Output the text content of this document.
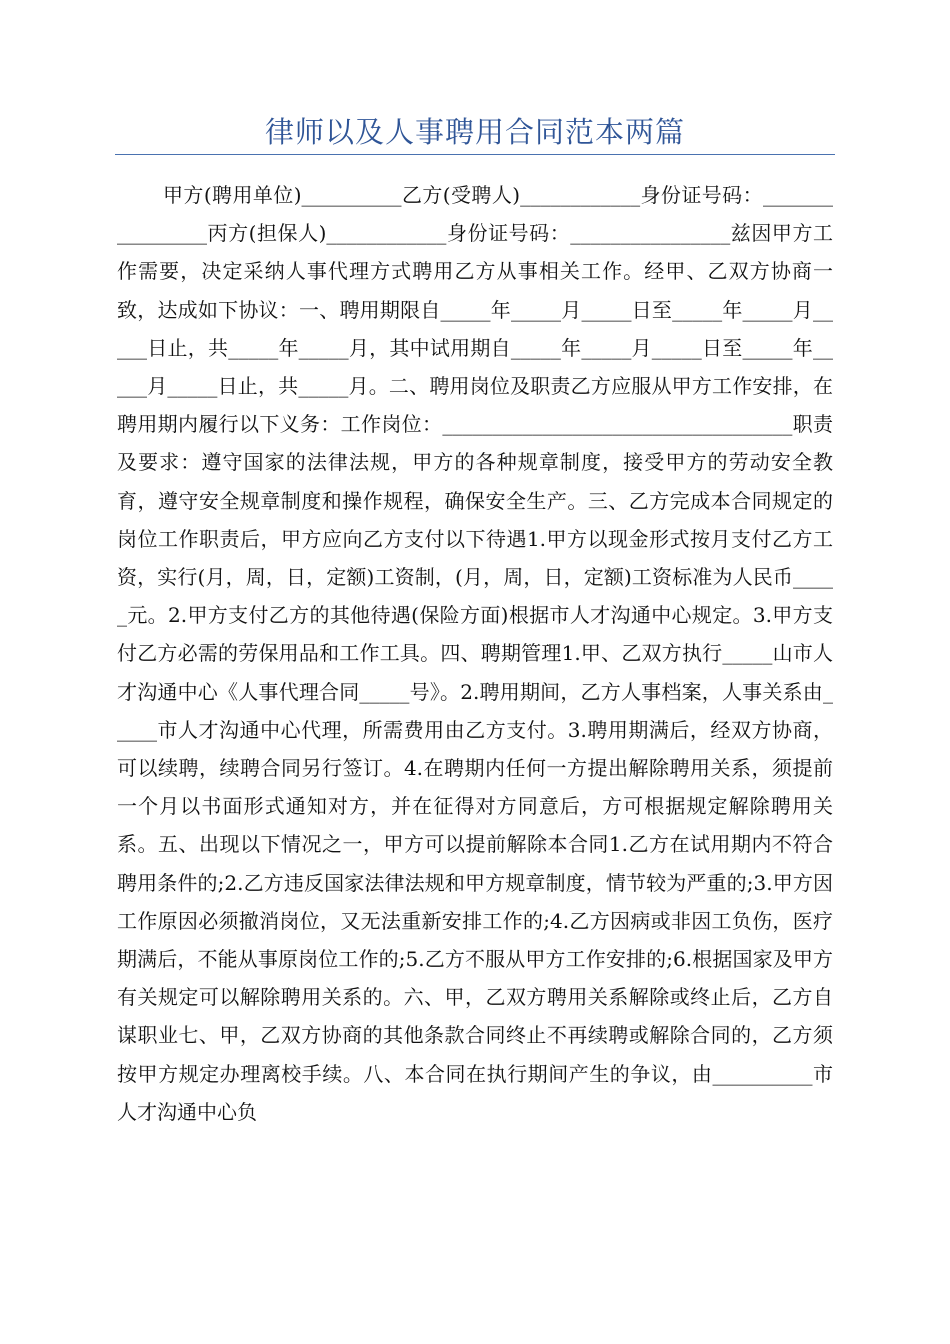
律师以及人事聘用合同范本两篇

甲方(聘用单位)__________乙方(受聘人)____________身份证号码：________________丙方(担保人)____________身份证号码：________________兹因甲方工作需要，决定采纳人事代理方式聘用乙方从事相关工作。经甲、乙双方协商一致，达成如下协议：一、聘用期限自_____年_____月_____日至_____年_____月_____日止，共_____年_____月，其中试用期自_____年_____月_____日至_____年_____月_____日止，共_____月。二、聘用岗位及职责乙方应服从甲方工作安排，在聘用期内履行以下义务：工作岗位：___________________________________职责及要求：遵守国家的法律法规，甲方的各种规章制度，接受甲方的劳动安全教育，遵守安全规章制度和操作规程，确保安全生产。三、乙方完成本合同规定的岗位工作职责后，甲方应向乙方支付以下待遇1.甲方以现金形式按月支付乙方工资，实行(月，周，日，定额)工资制，(月，周，日，定额)工资标准为人民币_____元。2.甲方支付乙方的其他待遇(保险方面)根据市人才沟通中心规定。3.甲方支付乙方必需的劳保用品和工作工具。四、聘期管理1.甲、乙双方执行_____山市人才沟通中心《人事代理合同_____号》。2.聘用期间，乙方人事档案，人事关系由_____市人才沟通中心代理，所需费用由乙方支付。3.聘用期满后，经双方协商，可以续聘，续聘合同另行签订。4.在聘期内任何一方提出解除聘用关系，须提前一个月以书面形式通知对方，并在征得对方同意后，方可根据规定解除聘用关系。五、出现以下情况之一，甲方可以提前解除本合同1.乙方在试用期内不符合聘用条件的;2.乙方违反国家法律法规和甲方规章制度，情节较为严重的;3.甲方因工作原因必须撤消岗位，又无法重新安排工作的;4.乙方因病或非因工负伤，医疗期满后，不能从事原岗位工作的;5.乙方不服从甲方工作安排的;6.根据国家及甲方有关规定可以解除聘用关系的。六、甲，乙双方聘用关系解除或终止后，乙方自谋职业七、甲，乙双方协商的其他条款合同终止不再续聘或解除合同的，乙方须按甲方规定办理离校手续。八、本合同在执行期间产生的争议，由__________市人才沟通中心负
